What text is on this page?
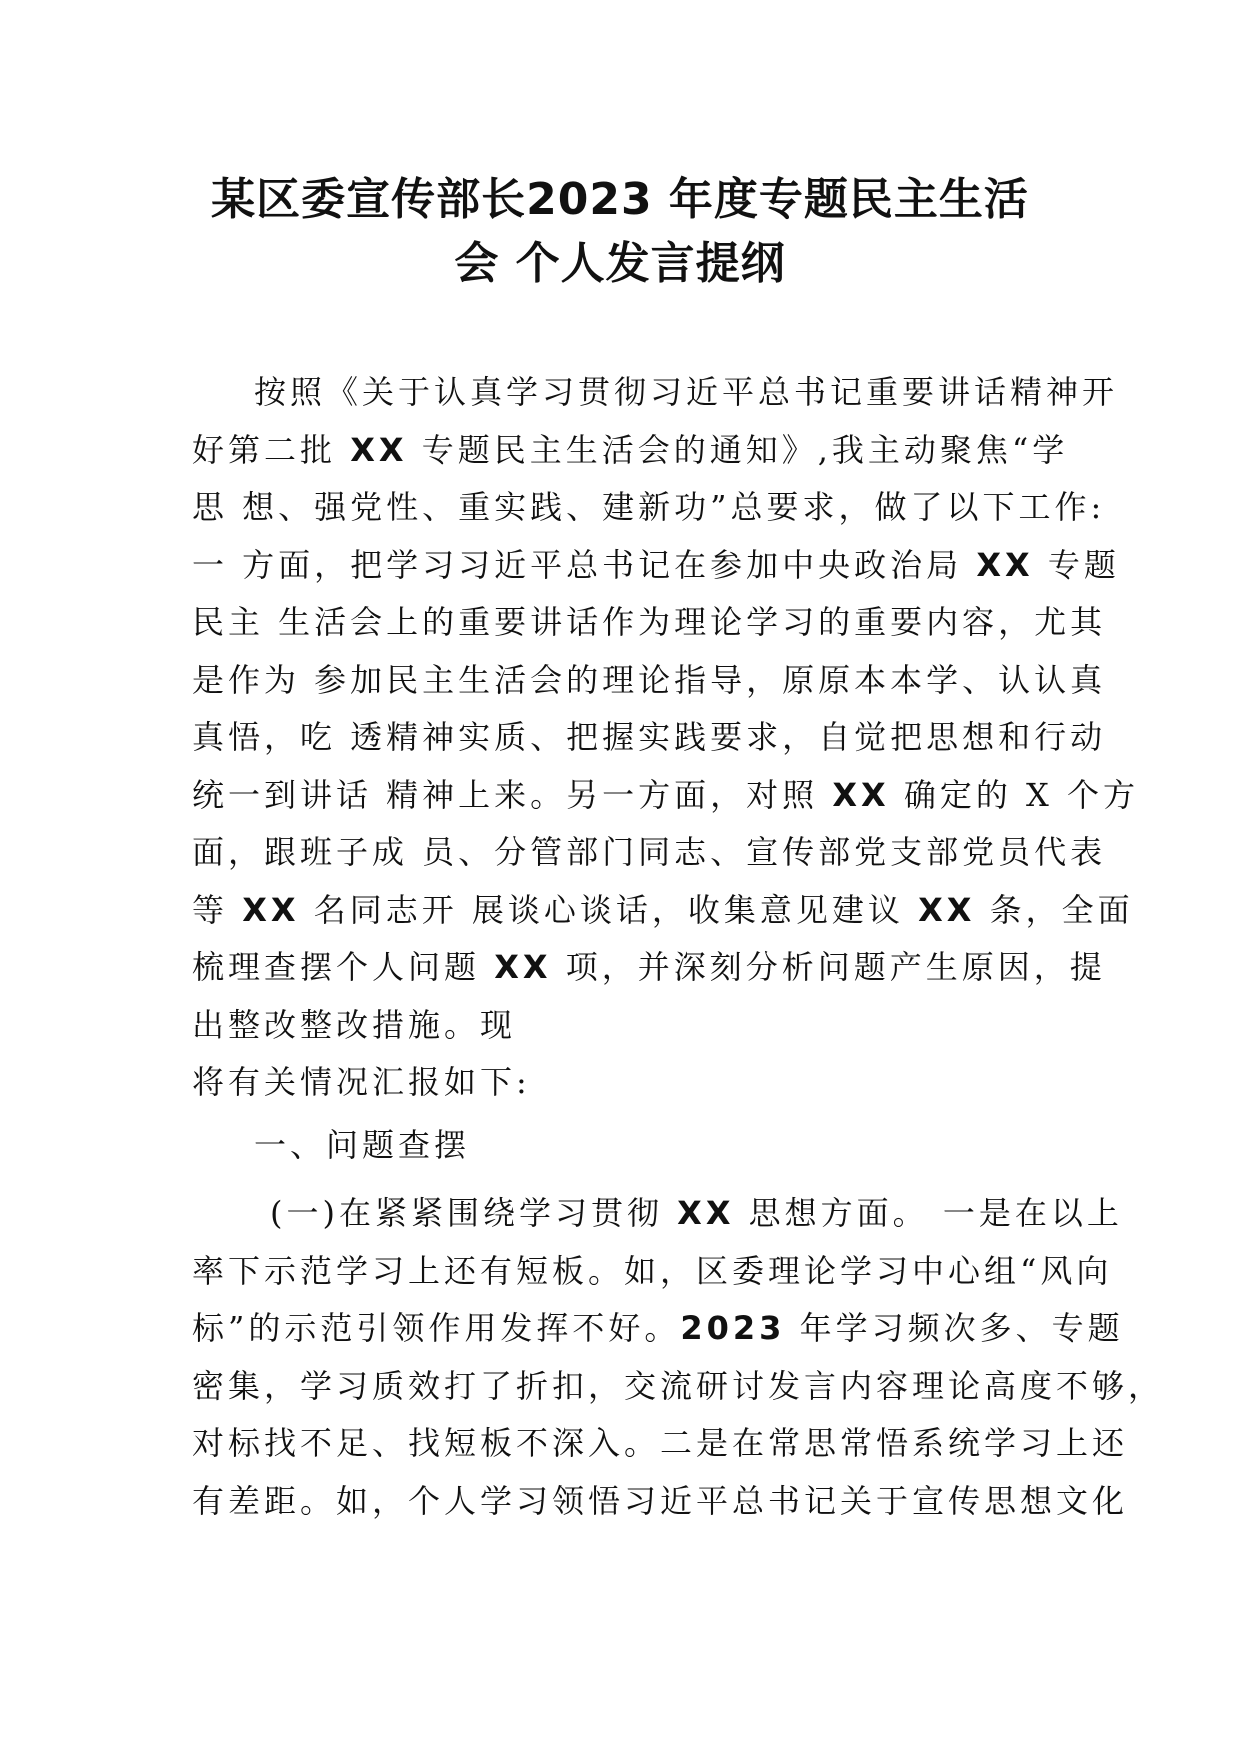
某区委宣传部长2023 年度专题民主生活
会 个人发言提纲

按照《关于认真学习贯彻习近平总书记重要讲话精神开

好第二批 XX 专题民主生活会的通知》,我主动聚焦“学

思 想、强党性、重实践、建新功”总要求，做了以下工作:

一 方面，把学习习近平总书记在参加中央政治局 XX 专题

民主 生活会上的重要讲话作为理论学习的重要内容，尤其

是作为 参加民主生活会的理论指导，原原本本学、认认真

真悟，吃 透精神实质、把握实践要求，自觉把思想和行动

统一到讲话 精神上来。另一方面，对照 XX 确定的 X 个方

面，跟班子成 员、分管部门同志、宣传部党支部党员代表

等 XX 名同志开 展谈心谈话，收集意见建议 XX 条，全面

梳理查摆个人问题 XX 项，并深刻分析问题产生原因，提

出整改整改措施。现

将有关情况汇报如下:

一、问题查摆

(一)在紧紧围绕学习贯彻 XX 思想方面。 一是在以上

率下示范学习上还有短板。如，区委理论学习中心组“风向

标”的示范引领作用发挥不好。2023 年学习频次多、专题

密集，学习质效打了折扣，交流研讨发言内容理论高度不够，

对标找不足、找短板不深入。二是在常思常悟系统学习上还

有差距。如，个人学习领悟习近平总书记关于宣传思想文化
